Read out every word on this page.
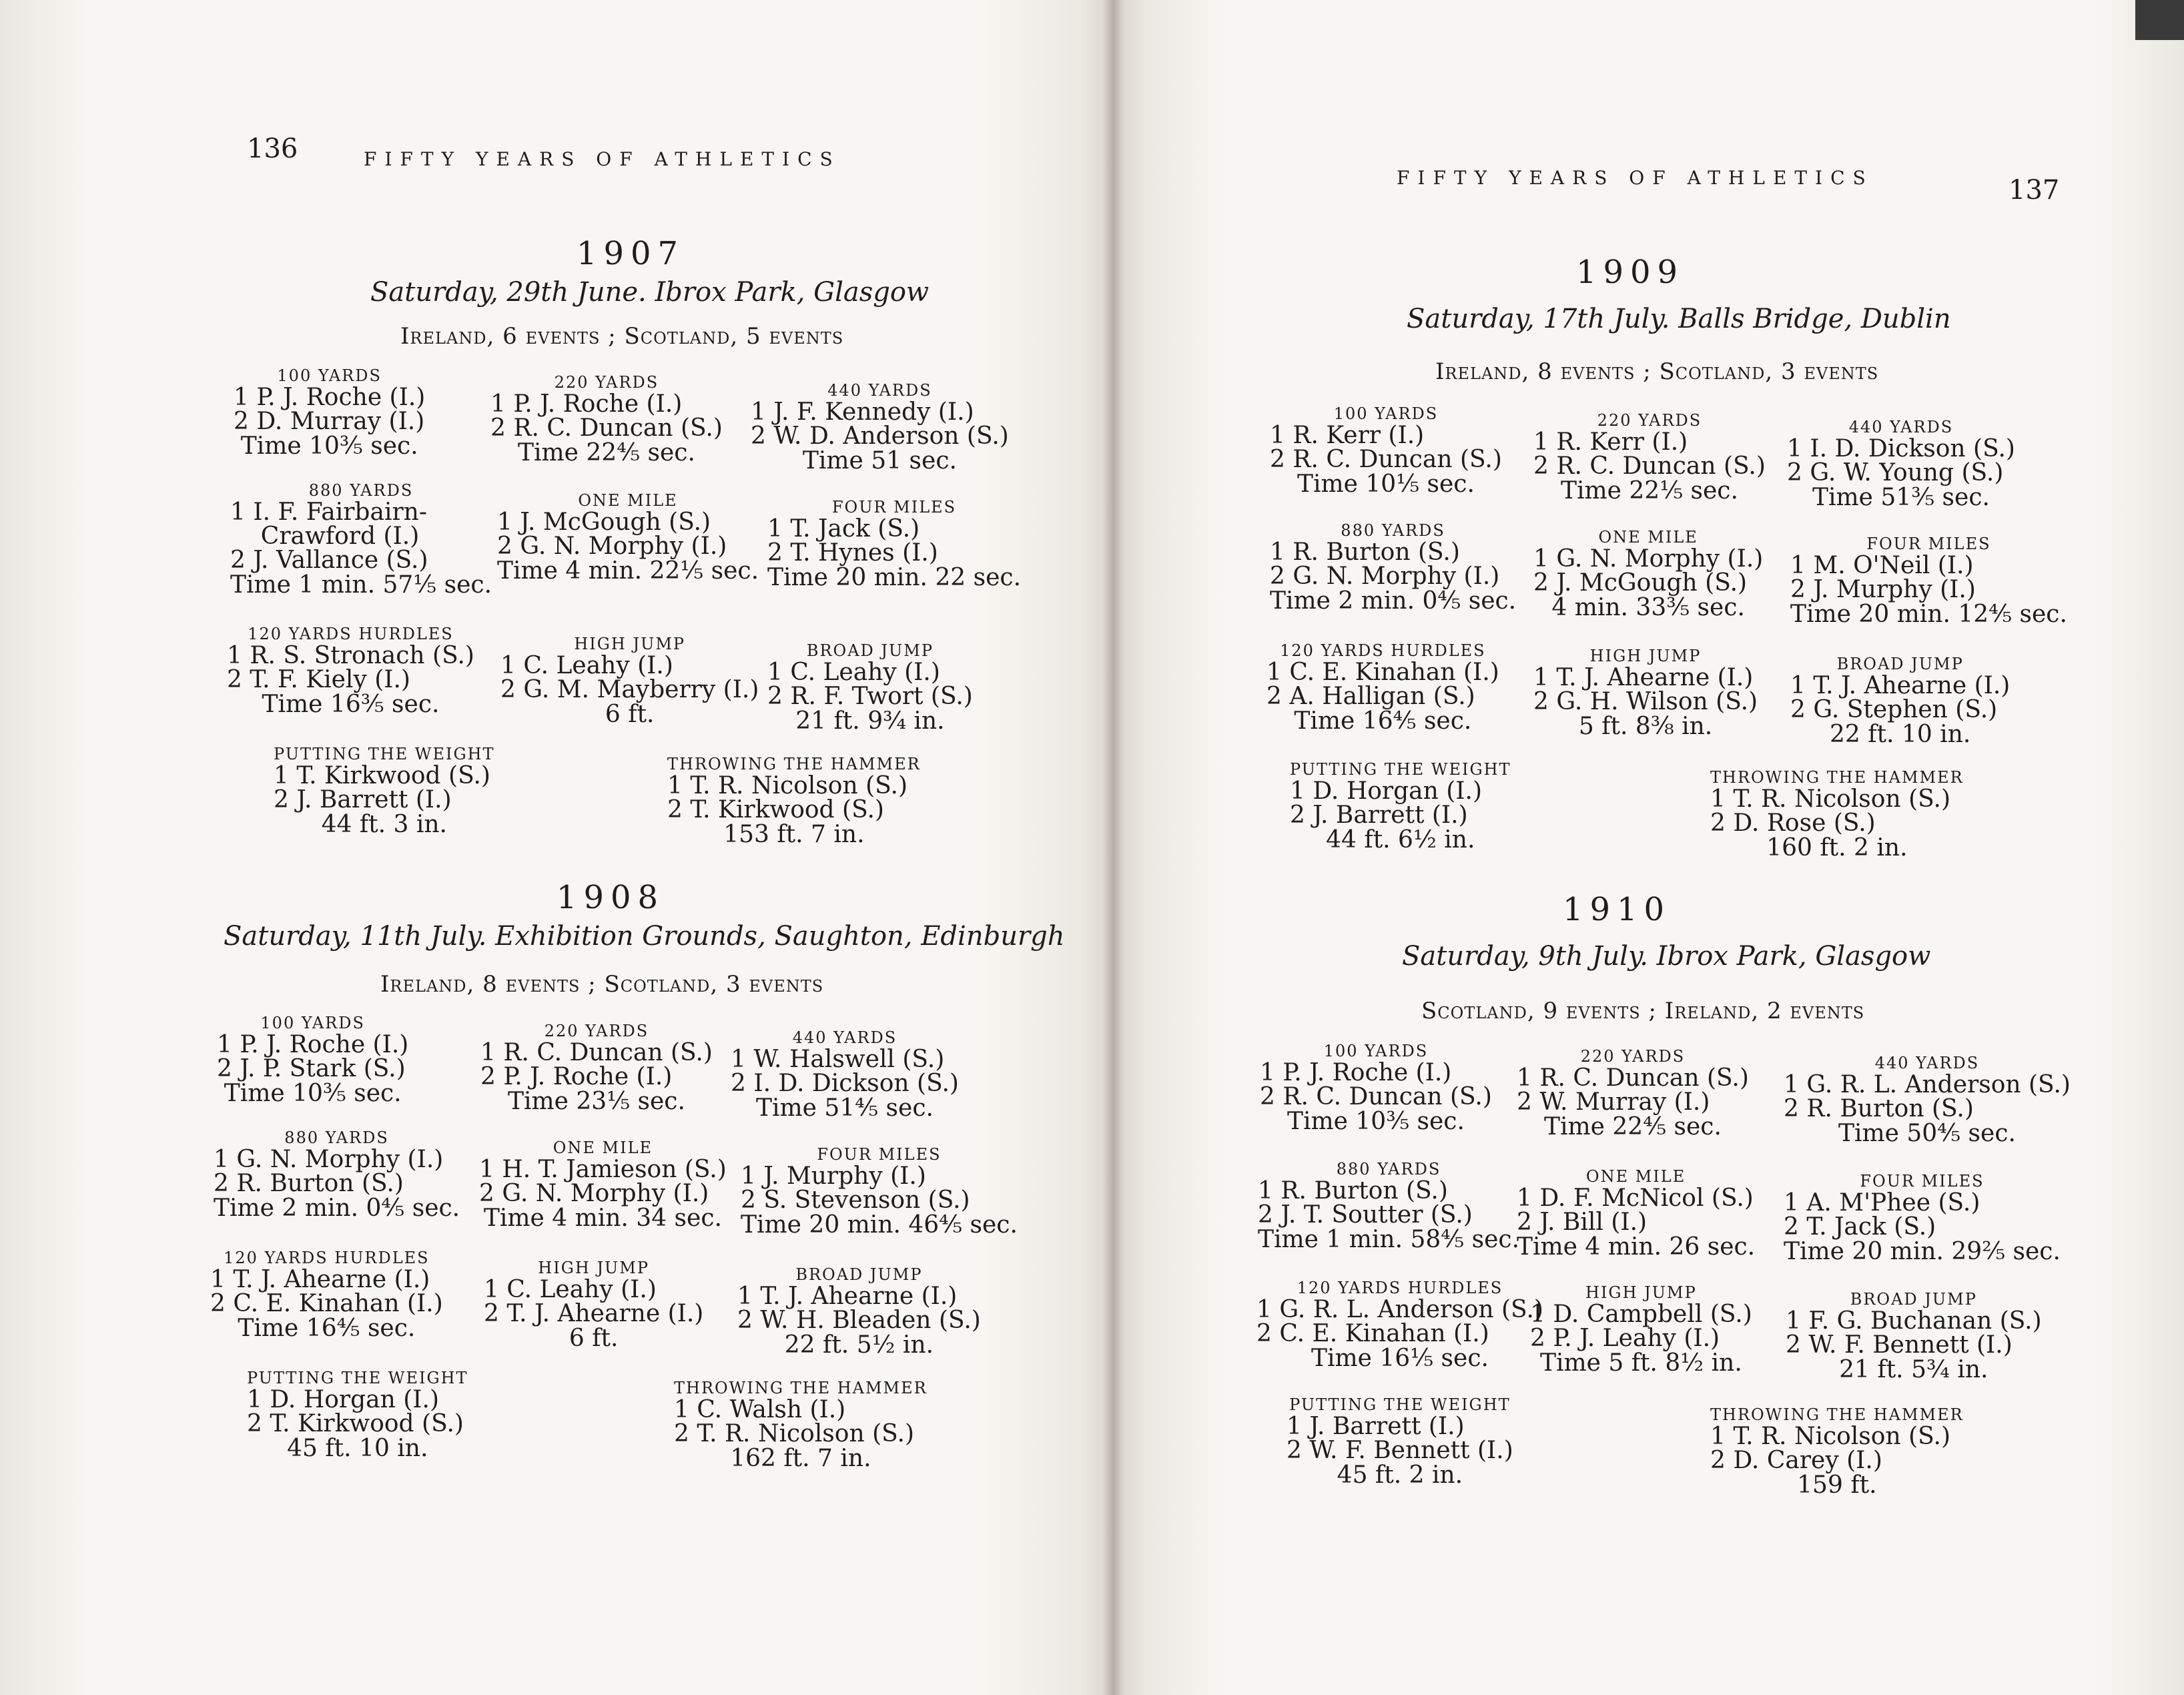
136	FIFTY YEARS OF ATHLETICS
1907
Saturday, 29th June. Ibrox Park, Glasgow
Ireland, 6 events ; Scotland, 5 events
100 YARDS
1 P. J. Roche (I.)
2 D. Murray (I.)
Time 10⅗ sec.
220 YARDS
1 P. J. Roche (I.)
2 R. C. Duncan (S.)
Time 22⅘ sec.
440 YARDS
1 J. F. Kennedy (I.)
2 W. D. Anderson (S.)
Time 51 sec.
880 YARDS
1 I. F. Fairbairn-
Crawford (I.)
2 J. Vallance (S.)
Time 1 min. 57⅕ sec.
ONE MILE
1 J. McGough (S.)
2 G. N. Morphy (I.)
Time 4 min. 22⅕ sec.
FOUR MILES
1 T. Jack (S.)
2 T. Hynes (I.)
Time 20 min. 22 sec.
120 YARDS HURDLES
1 R. S. Stronach (S.)
2 T. F. Kiely (I.)
Time 16⅗ sec.
HIGH JUMP
1 C. Leahy (I.)
2 G. M. Mayberry (I.)
6 ft.
BROAD JUMP
1 C. Leahy (I.)
2 R. F. Twort (S.)
21 ft. 9¾ in.
PUTTING THE WEIGHT
1 T. Kirkwood (S.)
2 J. Barrett (I.)
44 ft. 3 in.
THROWING THE HAMMER
1 T. R. Nicolson (S.)
2 T. Kirkwood (S.)
153 ft. 7 in.
1908
Saturday, 11th July. Exhibition Grounds, Saughton, Edinburgh
Ireland, 8 events ; Scotland, 3 events
100 YARDS
1 P. J. Roche (I.)
2 J. P. Stark (S.)
Time 10⅗ sec.
220 YARDS
1 R. C. Duncan (S.)
2 P. J. Roche (I.)
Time 23⅕ sec.
440 YARDS
1 W. Halswell (S.)
2 I. D. Dickson (S.)
Time 51⅘ sec.
880 YARDS
1 G. N. Morphy (I.)
2 R. Burton (S.)
Time 2 min. 0⅘ sec.
ONE MILE
1 H. T. Jamieson (S.)
2 G. N. Morphy (I.)
Time 4 min. 34 sec.
FOUR MILES
1 J. Murphy (I.)
2 S. Stevenson (S.)
Time 20 min. 46⅘ sec.
120 YARDS HURDLES
1 T. J. Ahearne (I.)
2 C. E. Kinahan (I.)
Time 16⅘ sec.
HIGH JUMP
1 C. Leahy (I.)
2 T. J. Ahearne (I.)
6 ft.
BROAD JUMP
1 T. J. Ahearne (I.)
2 W. H. Bleaden (S.)
22 ft. 5½ in.
PUTTING THE WEIGHT
1 D. Horgan (I.)
2 T. Kirkwood (S.)
45 ft. 10 in.
THROWING THE HAMMER
1 C. Walsh (I.)
2 T. R. Nicolson (S.)
162 ft. 7 in.
FIFTY YEARS OF ATHLETICS	137
1909
Saturday, 17th July. Balls Bridge, Dublin
Ireland, 8 events ; Scotland, 3 events
100 YARDS
1 R. Kerr (I.)
2 R. C. Duncan (S.)
Time 10⅕ sec.
220 YARDS
1 R. Kerr (I.)
2 R. C. Duncan (S.)
Time 22⅕ sec.
440 YARDS
1 I. D. Dickson (S.)
2 G. W. Young (S.)
Time 51⅗ sec.
880 YARDS
1 R. Burton (S.)
2 G. N. Morphy (I.)
Time 2 min. 0⅘ sec.
ONE MILE
1 G. N. Morphy (I.)
2 J. McGough (S.)
4 min. 33⅗ sec.
FOUR MILES
1 M. O'Neil (I.)
2 J. Murphy (I.)
Time 20 min. 12⅘ sec.
120 YARDS HURDLES
1 C. E. Kinahan (I.)
2 A. Halligan (S.)
Time 16⅘ sec.
HIGH JUMP
1 T. J. Ahearne (I.)
2 G. H. Wilson (S.)
5 ft. 8⅜ in.
BROAD JUMP
1 T. J. Ahearne (I.)
2 G. Stephen (S.)
22 ft. 10 in.
PUTTING THE WEIGHT
1 D. Horgan (I.)
2 J. Barrett (I.)
44 ft. 6½ in.
THROWING THE HAMMER
1 T. R. Nicolson (S.)
2 D. Rose (S.)
160 ft. 2 in.
1910
Saturday, 9th July. Ibrox Park, Glasgow
Scotland, 9 events ; Ireland, 2 events
100 YARDS
1 P. J. Roche (I.)
2 R. C. Duncan (S.)
Time 10⅗ sec.
220 YARDS
1 R. C. Duncan (S.)
2 W. Murray (I.)
Time 22⅘ sec.
440 YARDS
1 G. R. L. Anderson (S.)
2 R. Burton (S.)
Time 50⅘ sec.
880 YARDS
1 R. Burton (S.)
2 J. T. Soutter (S.)
Time 1 min. 58⅘ sec.
ONE MILE
1 D. F. McNicol (S.)
2 J. Bill (I.)
Time 4 min. 26 sec.
FOUR MILES
1 A. M'Phee (S.)
2 T. Jack (S.)
Time 20 min. 29⅖ sec.
120 YARDS HURDLES
1 G. R. L. Anderson (S.)
2 C. E. Kinahan (I.)
Time 16⅕ sec.
HIGH JUMP
1 D. Campbell (S.)
2 P. J. Leahy (I.)
Time 5 ft. 8½ in.
BROAD JUMP
1 F. G. Buchanan (S.)
2 W. F. Bennett (I.)
21 ft. 5¾ in.
PUTTING THE WEIGHT
1 J. Barrett (I.)
2 W. F. Bennett (I.)
45 ft. 2 in.
THROWING THE HAMMER
1 T. R. Nicolson (S.)
2 D. Carey (I.)
159 ft.
